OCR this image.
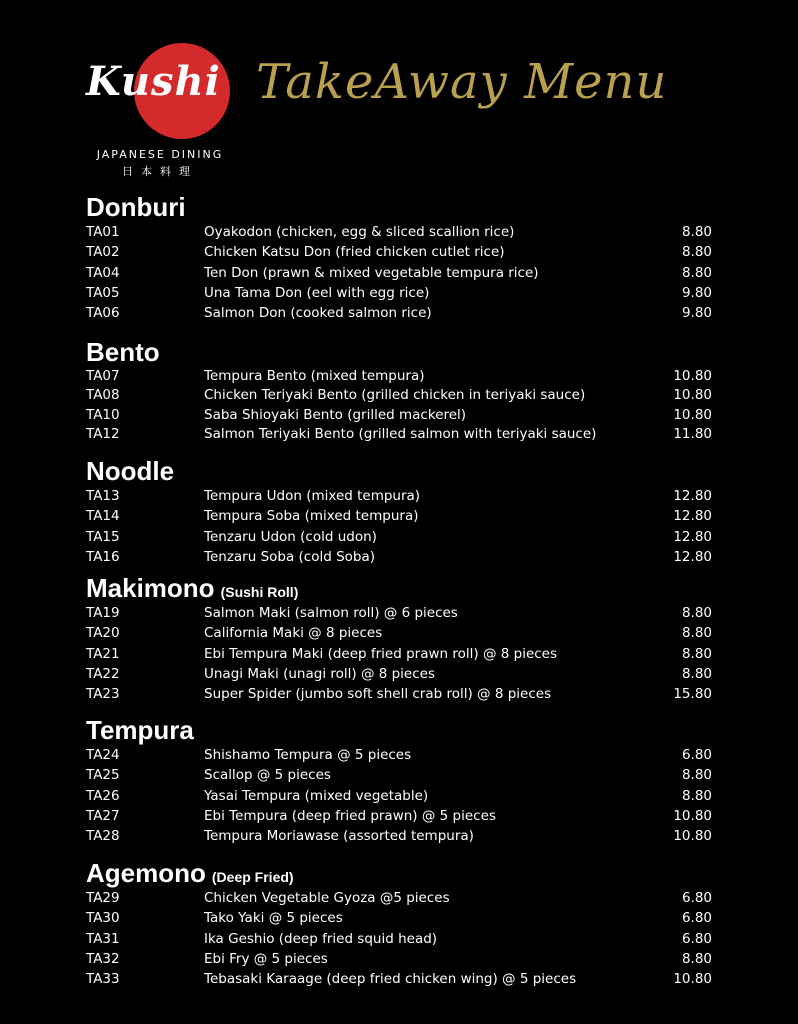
Kushi
JAPANESE DINING
日本料理
TakeAway Menu
Donburi
TA01	Oyakodon (chicken, egg & sliced scallion rice)	8.80
TA02	Chicken Katsu Don (fried chicken cutlet rice)	8.80
TA04	Ten Don (prawn & mixed vegetable tempura rice)	8.80
TA05	Una Tama Don (eel with egg rice)	9.80
TA06	Salmon Don (cooked salmon rice)	9.80
Bento
TA07	Tempura Bento (mixed tempura)	10.80
TA08	Chicken Teriyaki Bento (grilled chicken in teriyaki sauce)	10.80
TA10	Saba Shioyaki Bento (grilled mackerel)	10.80
TA12	Salmon Teriyaki Bento (grilled salmon with teriyaki sauce)	11.80
Noodle
TA13	Tempura Udon (mixed tempura)	12.80
TA14	Tempura Soba (mixed tempura)	12.80
TA15	Tenzaru Udon (cold udon)	12.80
TA16	Tenzaru Soba (cold Soba)	12.80
Makimono (Sushi Roll)
TA19	Salmon Maki (salmon roll) @ 6 pieces	8.80
TA20	California Maki @ 8 pieces	8.80
TA21	Ebi Tempura Maki (deep fried prawn roll) @ 8 pieces	8.80
TA22	Unagi Maki (unagi roll) @ 8 pieces	8.80
TA23	Super Spider (jumbo soft shell crab roll) @ 8 pieces	15.80
Tempura
TA24	Shishamo Tempura @ 5 pieces	6.80
TA25	Scallop @ 5 pieces	8.80
TA26	Yasai Tempura (mixed vegetable)	8.80
TA27	Ebi Tempura (deep fried prawn) @ 5 pieces	10.80
TA28	Tempura Moriawase (assorted tempura)	10.80
Agemono (Deep Fried)
TA29	Chicken Vegetable Gyoza @5 pieces	6.80
TA30	Tako Yaki @ 5 pieces	6.80
TA31	Ika Geshio (deep fried squid head)	6.80
TA32	Ebi Fry @ 5 pieces	8.80
TA33	Tebasaki Karaage (deep fried chicken wing) @ 5 pieces	10.80
